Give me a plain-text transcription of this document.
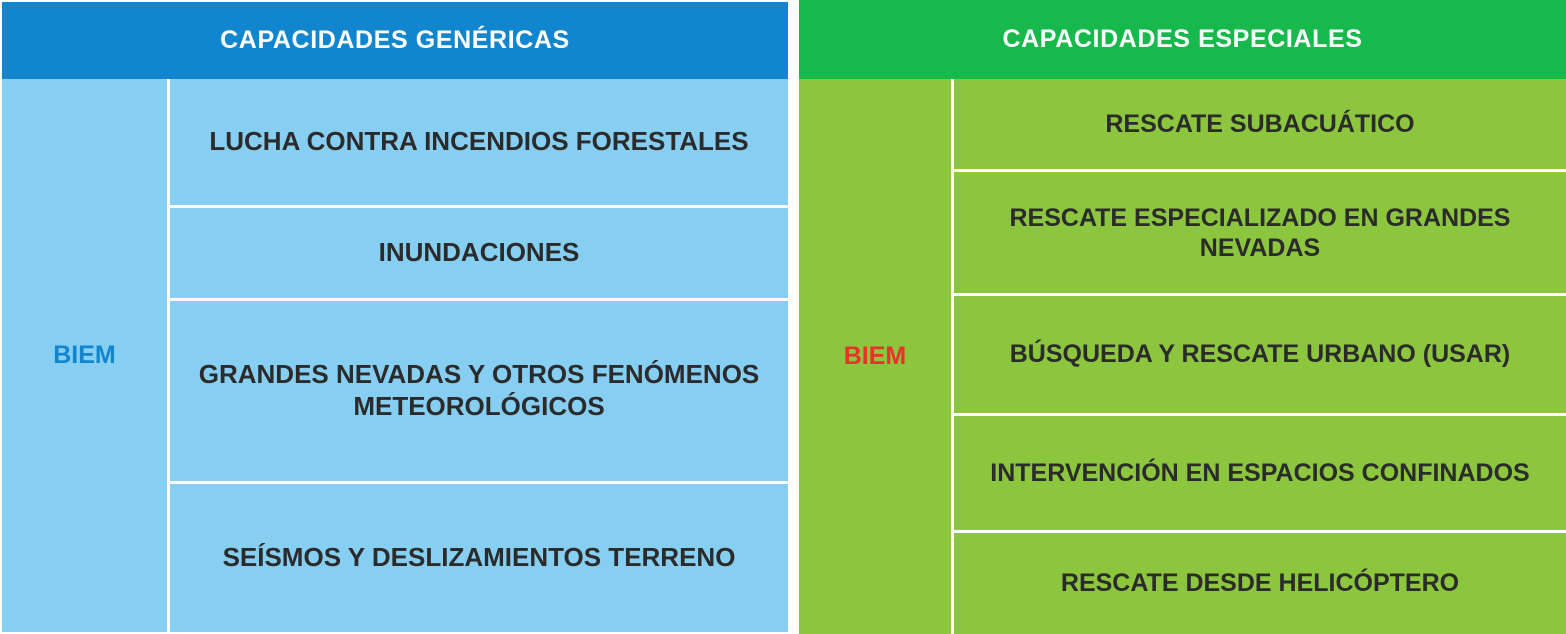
CAPACIDADES GENÉRICAS
BIEM
LUCHA CONTRA INCENDIOS FORESTALES
INUNDACIONES
GRANDES NEVADAS Y OTROS FENÓMENOS METEOROLÓGICOS
SEÍSMOS Y DESLIZAMIENTOS TERRENO
CAPACIDADES ESPECIALES
BIEM
RESCATE SUBACUÁTICO
RESCATE ESPECIALIZADO EN GRANDES NEVADAS
BÚSQUEDA Y RESCATE URBANO (USAR)
INTERVENCIÓN EN ESPACIOS CONFINADOS
RESCATE DESDE HELICÓPTERO
